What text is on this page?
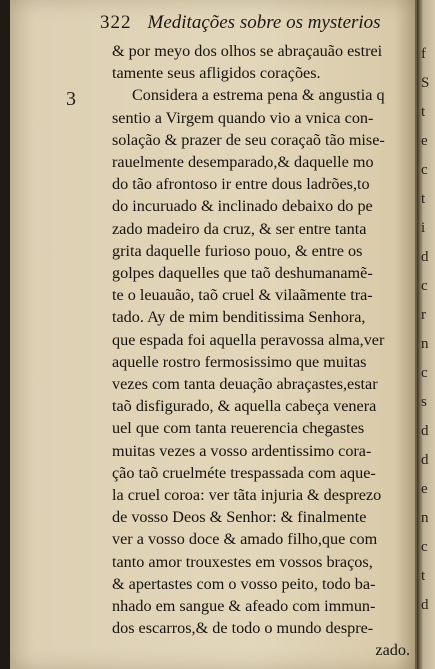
322 Meditações sobre os mysterios
3
& por meyo dos olhos se abraçauão estrei
tamente seus afligidos corações.
Considera a estrema pena & angustia q
sentio a Virgem quando vio a vnica con-
solação & prazer de seu coraçaõ tão mise-
rauelmente desemparado,& daquelle mo
do tão afrontoso ir entre dous ladrões,to
do incuruado & inclinado debaixo do pe
zado madeiro da cruz, & ser entre tanta
grita daquelle furioso pouo, & entre os
golpes daquelles que taõ deshumanamẽ-
te o leuauão, taõ cruel & vilaãmente tra-
tado. Ay de mim benditissima Senhora,
que espada foi aquella peravossa alma,ver
aquelle rostro fermosissimo que muitas
vezes com tanta deuação abraçastes,estar
taõ disfigurado, & aquella cabeça venera
uel que com tanta reuerencia chegastes
muitas vezes a vosso ardentissimo cora-
ção taõ cruelméte trespassada com aque-
la cruel coroa: ver tãta injuria & desprezo
de vosso Deos & Senhor: & finalmente
ver a vosso doce & amado filho,que com
tanto amor trouxestes em vossos braços,
& apertastes com o vosso peito, todo ba-
nhado em sangue & afeado com immun-
dos escarros,& de todo o mundo despre-
zado.
f
S
t
e
c
t
i
d
c
r
n
c
s
d
d
e
n
c
t
d
